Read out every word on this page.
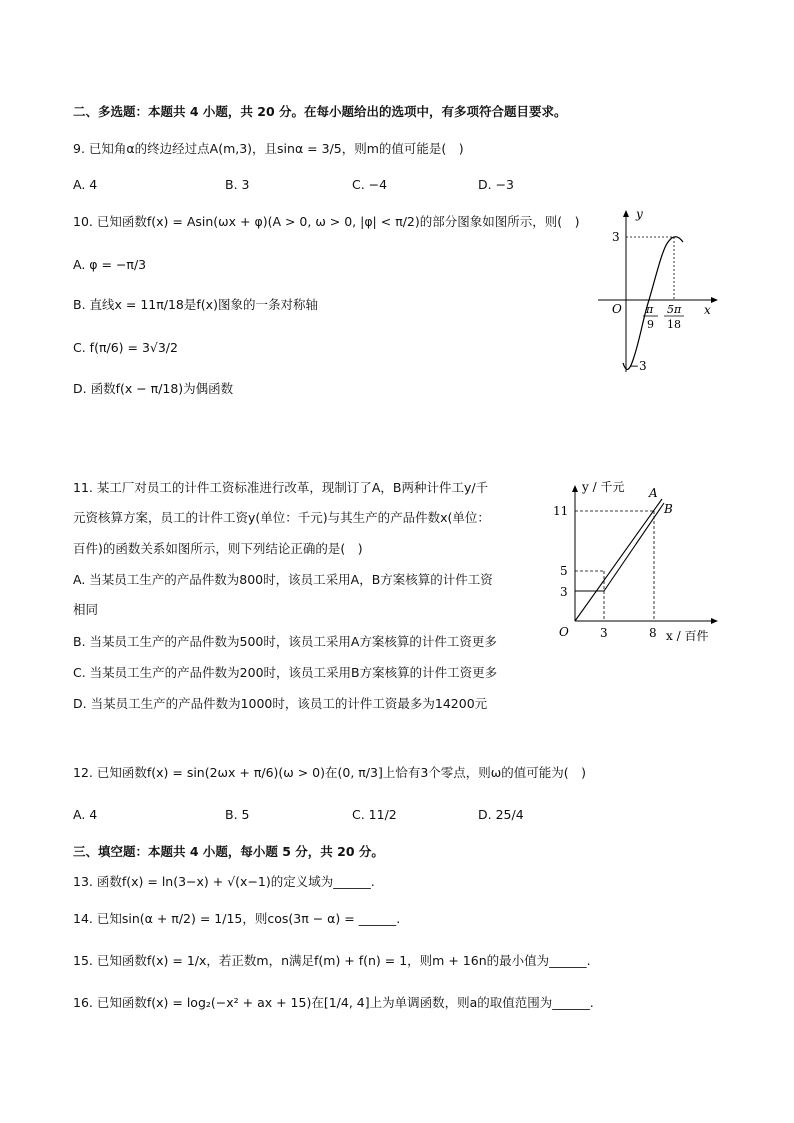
二、多选题：本题共 4 小题，共 20 分。在每小题给出的选项中，有多项符合题目要求。
9. 已知角α的终边经过点A(m,3)，且sinα = 3/5，则m的值可能是(　)
A. 4	B. 3	C. −4	D. −3
10. 已知函数f(x) = Asin(ωx + φ)(A > 0, ω > 0, |φ| < π/2)的部分图象如图所示，则(　)
A. φ = −π/3
B. 直线x = 11π/18是f(x)图象的一条对称轴
C. f(π/6) = 3√3/2
D. 函数f(x − π/18)为偶函数
y
x
O
3
−3
π
9
5π
18
11. 某工厂对员工的计件工资标准进行改革，现制订了A，B两种计件工y/千
元资核算方案，员工的计件工资y(单位：千元)与其生产的产品件数x(单位：
百件)的函数关系如图所示，则下列结论正确的是(　)
A. 当某员工生产的产品件数为800时，该员工采用A，B方案核算的计件工资
相同
B. 当某员工生产的产品件数为500时，该员工采用A方案核算的计件工资更多
C. 当某员工生产的产品件数为200时，该员工采用B方案核算的计件工资更多
D. 当某员工生产的产品件数为1000时，该员工的计件工资最多为14200元
y / 千元
x / 百件
O
A
B
11
5
3
3	8
12. 已知函数f(x) = sin(2ωx + π/6)(ω > 0)在(0, π/3]上恰有3个零点，则ω的值可能为(　)
A. 4	B. 5	C. 11/2	D. 25/4
三、填空题：本题共 4 小题，每小题 5 分，共 20 分。
13. 函数f(x) = ln(3−x) + √(x−1)的定义域为______.
14. 已知sin(α + π/2) = 1/15，则cos(3π − α) = ______.
15. 已知函数f(x) = 1/x，若正数m，n满足f(m) + f(n) = 1，则m + 16n的最小值为______.
16. 已知函数f(x) = log₂(−x² + ax + 15)在[1/4, 4]上为单调函数，则a的取值范围为______.
